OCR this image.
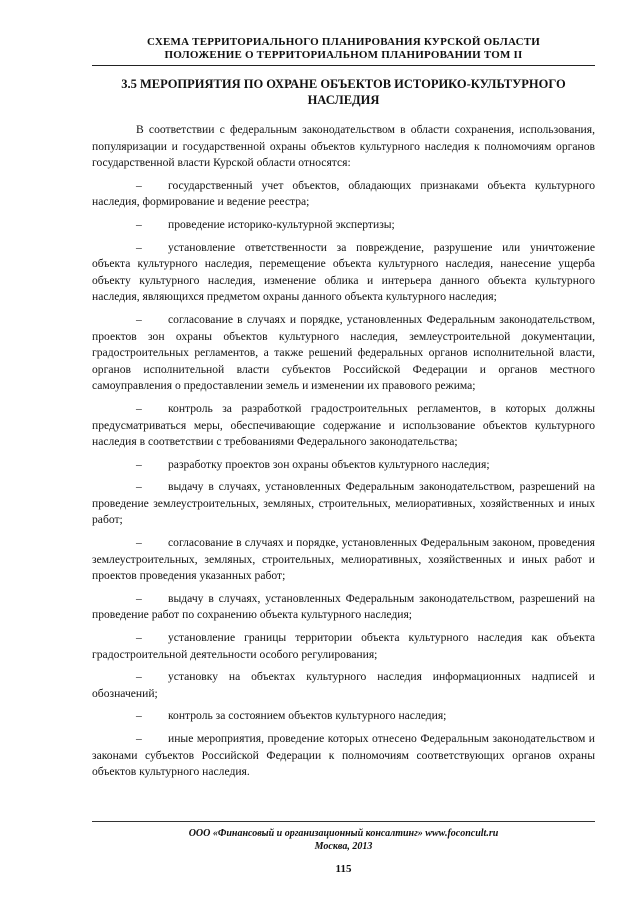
СХЕМА ТЕРРИТОРИАЛЬНОГО ПЛАНИРОВАНИЯ КУРСКОЙ ОБЛАСТИ
ПОЛОЖЕНИЕ О ТЕРРИТОРИАЛЬНОМ ПЛАНИРОВАНИИ ТОМ II
3.5 МЕРОПРИЯТИЯ ПО ОХРАНЕ ОБЪЕКТОВ ИСТОРИКО-КУЛЬТУРНОГО НАСЛЕДИЯ

В соответствии с федеральным законодательством в области сохранения, использования, популяризации и государственной охраны объектов культурного наследия к полномочиям органов государственной власти Курской области относятся:

– государственный учет объектов, обладающих признаками объекта культурного наследия, формирование и ведение реестра;

– проведение историко-культурной экспертизы;

– установление ответственности за повреждение, разрушение или уничтожение объекта культурного наследия, перемещение объекта культурного наследия, нанесение ущерба объекту культурного наследия, изменение облика и интерьера данного объекта культурного наследия, являющихся предметом охраны данного объекта культурного наследия;

– согласование в случаях и порядке, установленных Федеральным законодательством, проектов зон охраны объектов культурного наследия, землеустроительной документации, градостроительных регламентов, а также решений федеральных органов исполнительной власти, органов исполнительной власти субъектов Российской Федерации и органов местного самоуправления о предоставлении земель и изменении их правового режима;

– контроль за разработкой градостроительных регламентов, в которых должны предусматриваться меры, обеспечивающие содержание и использование объектов культурного наследия в соответствии с требованиями Федерального законодательства;

– разработку проектов зон охраны объектов культурного наследия;

– выдачу в случаях, установленных Федеральным законодательством, разрешений на проведение землеустроительных, земляных, строительных, мелиоративных, хозяйственных и иных работ;

– согласование в случаях и порядке, установленных Федеральным законом, проведения землеустроительных, земляных, строительных, мелиоративных, хозяйственных и иных работ и проектов проведения указанных работ;

– выдачу в случаях, установленных Федеральным законодательством, разрешений на проведение работ по сохранению объекта культурного наследия;

– установление границы территории объекта культурного наследия как объекта градостроительной деятельности особого регулирования;

– установку на объектах культурного наследия информационных надписей и обозначений;

– контроль за состоянием объектов культурного наследия;

– иные мероприятия, проведение которых отнесено Федеральным законодательством и законами субъектов Российской Федерации к полномочиям соответствующих органов охраны объектов культурного наследия.

ООО «Финансовый и организационный консалтинг» www.foconcult.ru
Москва, 2013
115
